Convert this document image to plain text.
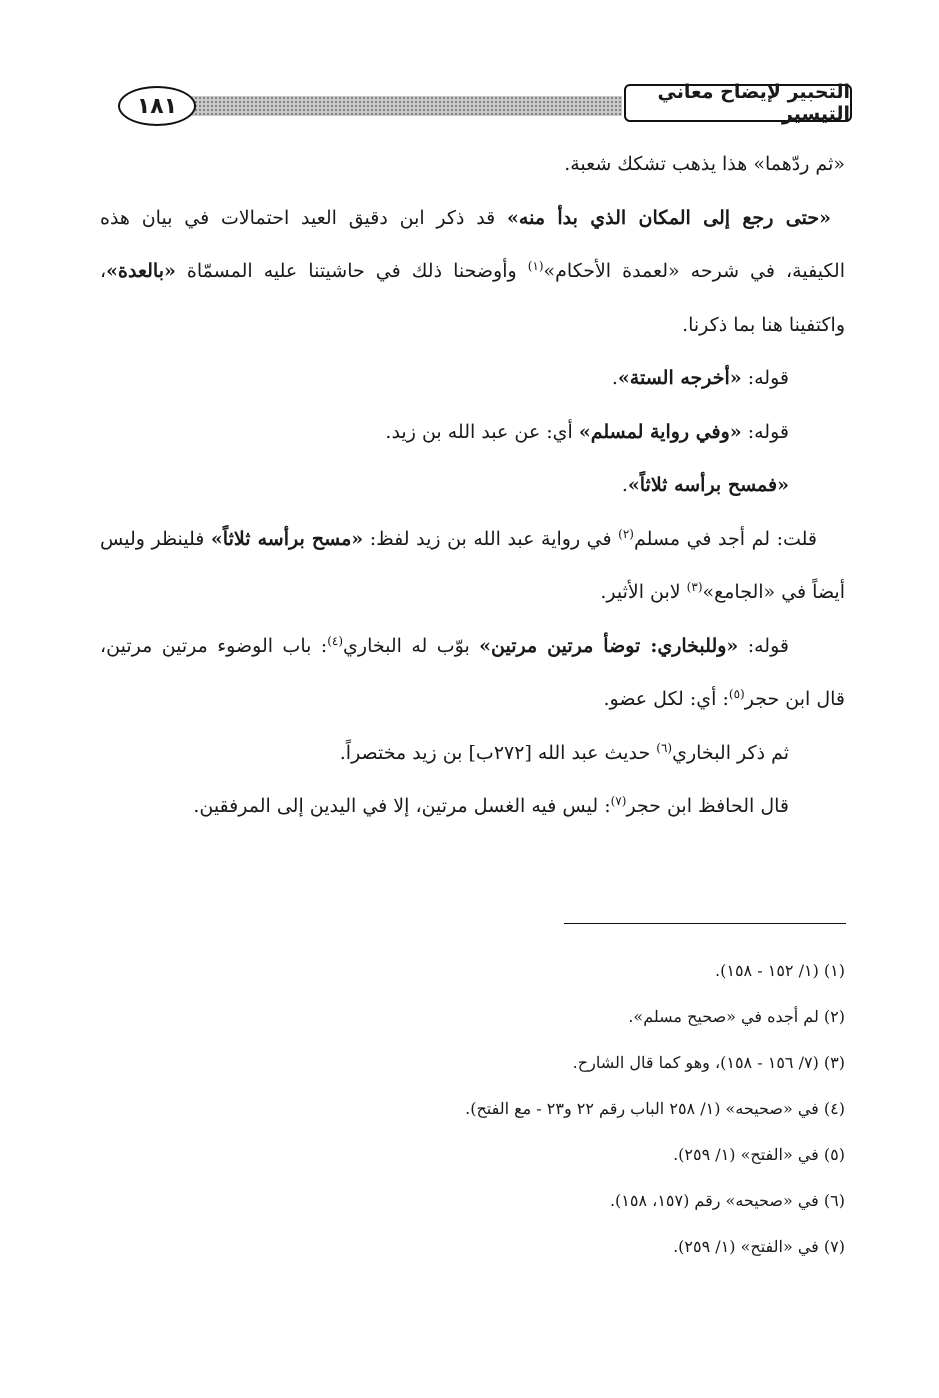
١٨١
التحبير لإيضاح معاني التيسير
«ثم ردّهما» هذا يذهب تشكك شعبة.
«حتى رجع إلى المكان الذي بدأ منه» قد ذكر ابن دقيق العيد احتمالات في بيان هذه
الكيفية، في شرحه «لعمدة الأحكام»$^{(١)}$ وأوضحنا ذلك في حاشيتنا عليه المسمّاة «بالعدة»،
واكتفينا هنا بما ذكرنا.
قوله: «أخرجه الستة».
قوله: «وفي رواية لمسلم» أي: عن عبد الله بن زيد.
«فمسح برأسه ثلاثاً».
قلت: لم أجد في مسلم$^{(٢)}$ في رواية عبد الله بن زيد لفظ: «مسح برأسه ثلاثاً» فلينظر وليس
أيضاً في «الجامع»$^{(٣)}$ لابن الأثير.
قوله: «وللبخاري: توضأ مرتين مرتين» بوّب له البخاري$^{(٤)}$: باب الوضوء مرتين مرتين،
قال ابن حجر$^{(٥)}$: أي: لكل عضو.
ثم ذكر البخاري$^{(٦)}$ حديث عبد الله [٢٧٢ب] بن زيد مختصراً.
قال الحافظ ابن حجر$^{(٧)}$: ليس فيه الغسل مرتين، إلا في اليدين إلى المرفقين.
(١) (١/ ١٥٢ - ١٥٨).
(٢) لم أجده في «صحيح مسلم».
(٣) (٧/ ١٥٦ - ١٥٨)، وهو كما قال الشارح.
(٤) في «صحيحه» (١/ ٢٥٨ الباب رقم ٢٢ و٢٣ - مع الفتح).
(٥) في «الفتح» (١/ ٢٥٩).
(٦) في «صحيحه» رقم (١٥٧، ١٥٨).
(٧) في «الفتح» (١/ ٢٥٩).
